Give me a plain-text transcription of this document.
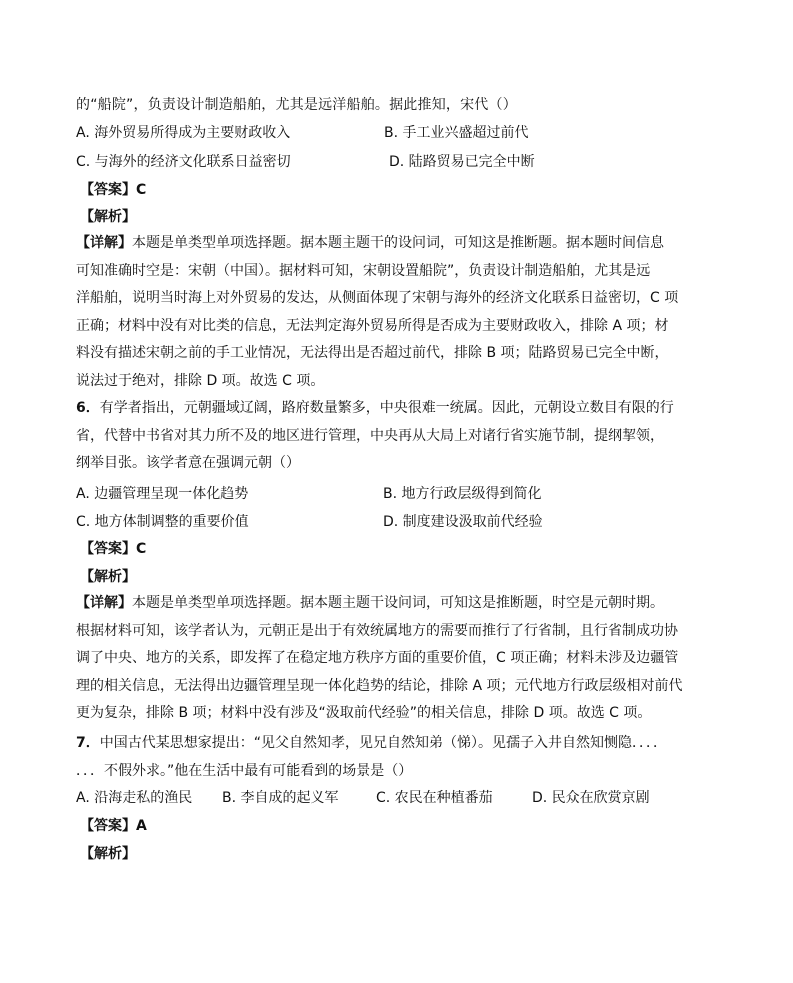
的“船院”，负责设计制造船舶，尤其是远洋船舶。据此推知，宋代（）
A. 海外贸易所得成为主要财政收入	B. 手工业兴盛超过前代
C. 与海外的经济文化联系日益密切	D. 陆路贸易已完全中断
【答案】C
【解析】
【详解】本题是单类型单项选择题。据本题主题干的设问词，可知这是推断题。据本题时间信息
可知准确时空是：宋朝（中国）。据材料可知，宋朝设置船院”，负责设计制造船舶，尤其是远
洋船舶，说明当时海上对外贸易的发达，从侧面体现了宋朝与海外的经济文化联系日益密切，C 项
正确；材料中没有对比类的信息，无法判定海外贸易所得是否成为主要财政收入，排除 A 项；材
料没有描述宋朝之前的手工业情况，无法得出是否超过前代，排除 B 项；陆路贸易已完全中断，
说法过于绝对，排除 D 项。故选 C 项。
6．有学者指出，元朝疆域辽阔，路府数量繁多，中央很难一统属。因此，元朝设立数目有限的行
省，代替中书省对其力所不及的地区进行管理，中央再从大局上对诸行省实施节制，提纲挈领，
纲举目张。该学者意在强调元朝（）
A. 边疆管理呈现一体化趋势	B. 地方行政层级得到简化
C. 地方体制调整的重要价值	D. 制度建设汲取前代经验
【答案】C
【解析】
【详解】本题是单类型单项选择题。据本题主题干设问词，可知这是推断题，时空是元朝时期。
根据材料可知，该学者认为，元朝正是出于有效统属地方的需要而推行了行省制，且行省制成功协
调了中央、地方的关系，即发挥了在稳定地方秩序方面的重要价值，C 项正确；材料未涉及边疆管
理的相关信息，无法得出边疆管理呈现一体化趋势的结论，排除 A 项；元代地方行政层级相对前代
更为复杂，排除 B 项；材料中没有涉及“汲取前代经验”的相关信息，排除 D 项。故选 C 项。
7．中国古代某思想家提出：“见父自然知孝，见兄自然知弟（悌）。见孺子入井自然知恻隐．．．．
．．．不假外求。”他在生活中最有可能看到的场景是（）
A. 沿海走私的渔民 B. 李自成的起义军	C. 农民在种植番茄	D. 民众在欣赏京剧
【答案】A
【解析】
